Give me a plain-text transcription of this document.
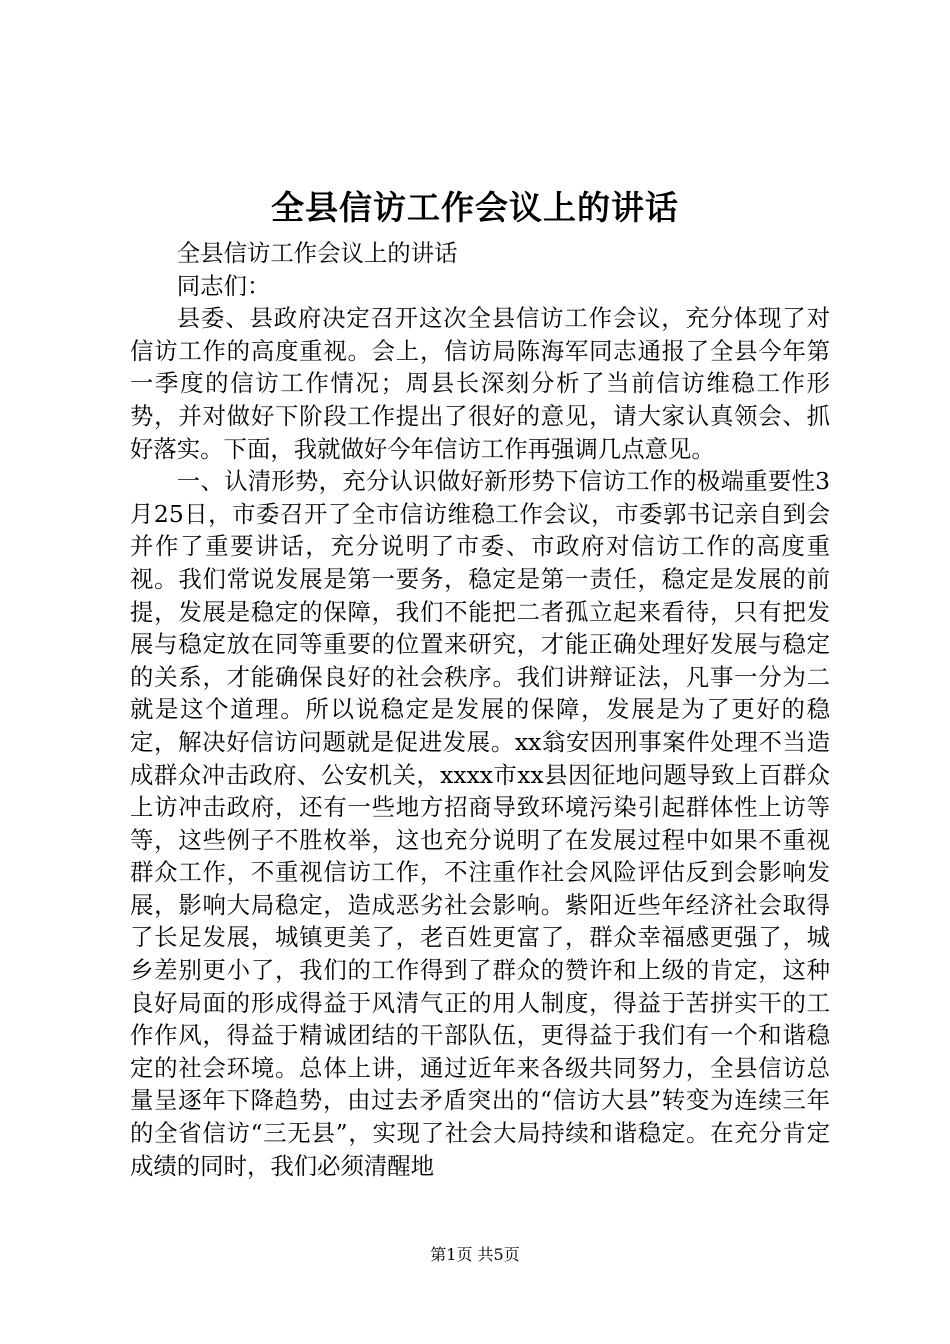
全县信访工作会议上的讲话

全县信访工作会议上的讲话

同志们：

县委、县政府决定召开这次全县信访工作会议，充分体现了对信访工作的高度重视。会上，信访局陈海军同志通报了全县今年第一季度的信访工作情况；周县长深刻分析了当前信访维稳工作形势，并对做好下阶段工作提出了很好的意见，请大家认真领会、抓好落实。下面，我就做好今年信访工作再强调几点意见。

一、认清形势，充分认识做好新形势下信访工作的极端重要性3月25日，市委召开了全市信访维稳工作会议，市委郭书记亲自到会并作了重要讲话，充分说明了市委、市政府对信访工作的高度重视。我们常说发展是第一要务，稳定是第一责任，稳定是发展的前提，发展是稳定的保障，我们不能把二者孤立起来看待，只有把发展与稳定放在同等重要的位置来研究，才能正确处理好发展与稳定的关系，才能确保良好的社会秩序。我们讲辩证法，凡事一分为二就是这个道理。所以说稳定是发展的保障，发展是为了更好的稳定，解决好信访问题就是促进发展。xx翁安因刑事案件处理不当造成群众冲击政府、公安机关，xxxx市xx县因征地问题导致上百群众上访冲击政府，还有一些地方招商导致环境污染引起群体性上访等等，这些例子不胜枚举，这也充分说明了在发展过程中如果不重视群众工作，不重视信访工作，不注重作社会风险评估反到会影响发展，影响大局稳定，造成恶劣社会影响。紫阳近些年经济社会取得了长足发展，城镇更美了，老百姓更富了，群众幸福感更强了，城乡差别更小了，我们的工作得到了群众的赞许和上级的肯定，这种良好局面的形成得益于风清气正的用人制度，得益于苦拼实干的工作作风，得益于精诚团结的干部队伍，更得益于我们有一个和谐稳定的社会环境。总体上讲，通过近年来各级共同努力，全县信访总量呈逐年下降趋势，由过去矛盾突出的“信访大县”转变为连续三年的全省信访“三无县”，实现了社会大局持续和谐稳定。在充分肯定成绩的同时，我们必须清醒地

第1页 共5页
